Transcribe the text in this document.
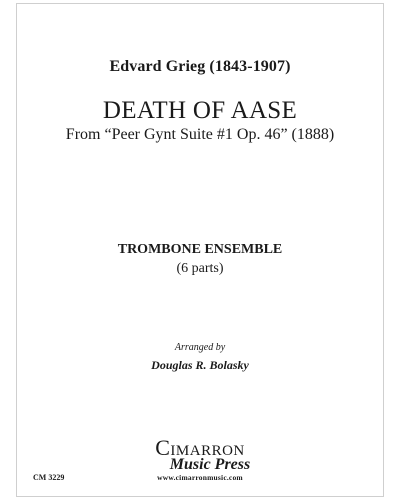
Edvard Grieg (1843-1907)
DEATH OF AASE
From “Peer Gynt Suite #1 Op. 46” (1888)
TROMBONE ENSEMBLE
(6 parts)
Arranged by
Douglas R. Bolasky
Cimarron
Music Press
www.cimarronmusic.com
CM 3229
